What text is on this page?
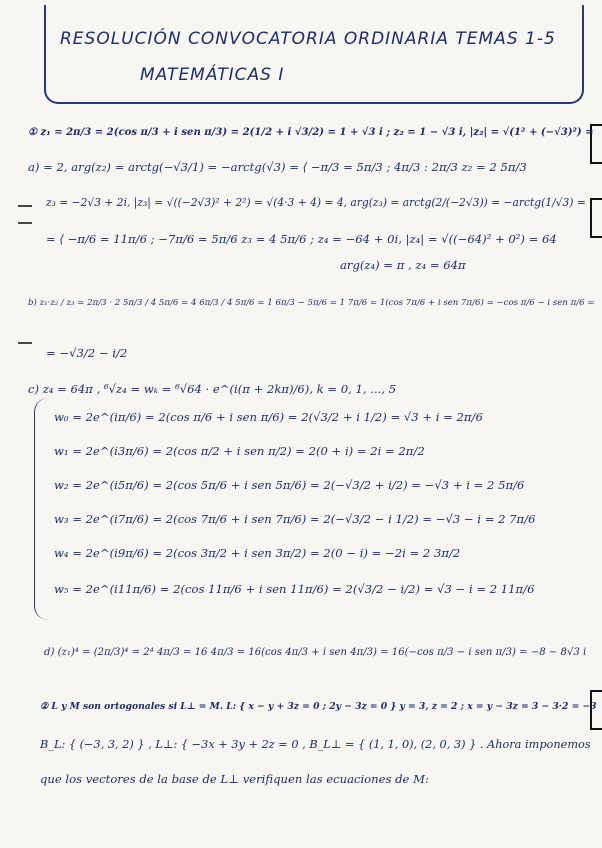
RESOLUCIÓN CONVOCATORIA ORDINARIA TEMAS 1-5
MATEMÁTICAS I
① z₁ = 2π/3 = 2(cos π/3 + i sen π/3) = 2(1/2 + i √3/2) = 1 + √3 i ; z₂ = 1 − √3 i, |z₂| = √(1² + (−√3)²) =
a) = 2, arg(z₂) = arctg(−√3/1) = −arctg(√3) = ⟨ −π/3 = 5π/3 ; 4π/3 : 2π/3 z₂ = 2 5π/3
z₃ = −2√3 + 2i, |z₃| = √((−2√3)² + 2²) = √(4·3 + 4) = 4, arg(z₃) = arctg(2/(−2√3)) = −arctg(1/√3) =
= ⟨ −π/6 = 11π/6 ; −7π/6 = 5π/6 z₃ = 4 5π/6 ; z₄ = −64 + 0i, |z₄| = √((−64)² + 0²) = 64
arg(z₄) = π , z₄ = 64π
b) z₁·z₂ / z₃ = 2π/3 · 2 5π/3 / 4 5π/6 = 4 6π/3 / 4 5π/6 = 1 6π/3 − 5π/6 = 1 7π/6 = 1(cos 7π/6 + i sen 7π/6) = −cos π/6 − i sen π/6 =
= −√3/2 − i/2
c) z₄ = 64π , ⁶√z₄ = wₖ = ⁶√64 · e^(i(π + 2kπ)/6), k = 0, 1, ..., 5
w₀ = 2e^(iπ/6) = 2(cos π/6 + i sen π/6) = 2(√3/2 + i 1/2) = √3 + i = 2π/6
w₁ = 2e^(i3π/6) = 2(cos π/2 + i sen π/2) = 2(0 + i) = 2i = 2π/2
w₂ = 2e^(i5π/6) = 2(cos 5π/6 + i sen 5π/6) = 2(−√3/2 + i/2) = −√3 + i = 2 5π/6
w₃ = 2e^(i7π/6) = 2(cos 7π/6 + i sen 7π/6) = 2(−√3/2 − i 1/2) = −√3 − i = 2 7π/6
w₄ = 2e^(i9π/6) = 2(cos 3π/2 + i sen 3π/2) = 2(0 − i) = −2i = 2 3π/2
w₅ = 2e^(i11π/6) = 2(cos 11π/6 + i sen 11π/6) = 2(√3/2 − i/2) = √3 − i = 2 11π/6
d) (z₁)⁴ = (2π/3)⁴ = 2⁴ 4π/3 = 16 4π/3 = 16(cos 4π/3 + i sen 4π/3) = 16(−cos π/3 − i sen π/3) = −8 − 8√3 i
② L y M son ortogonales si L⊥ = M. L: { x − y + 3z = 0 ; 2y − 3z = 0 } y = 3, z = 2 ; x = y − 3z = 3 − 3·2 = −3
B_L: { (−3, 3, 2) } , L⊥: { −3x + 3y + 2z = 0 , B_L⊥ = { (1, 1, 0), (2, 0, 3) } . Ahora imponemos
que los vectores de la base de L⊥ verifiquen las ecuaciones de M:
